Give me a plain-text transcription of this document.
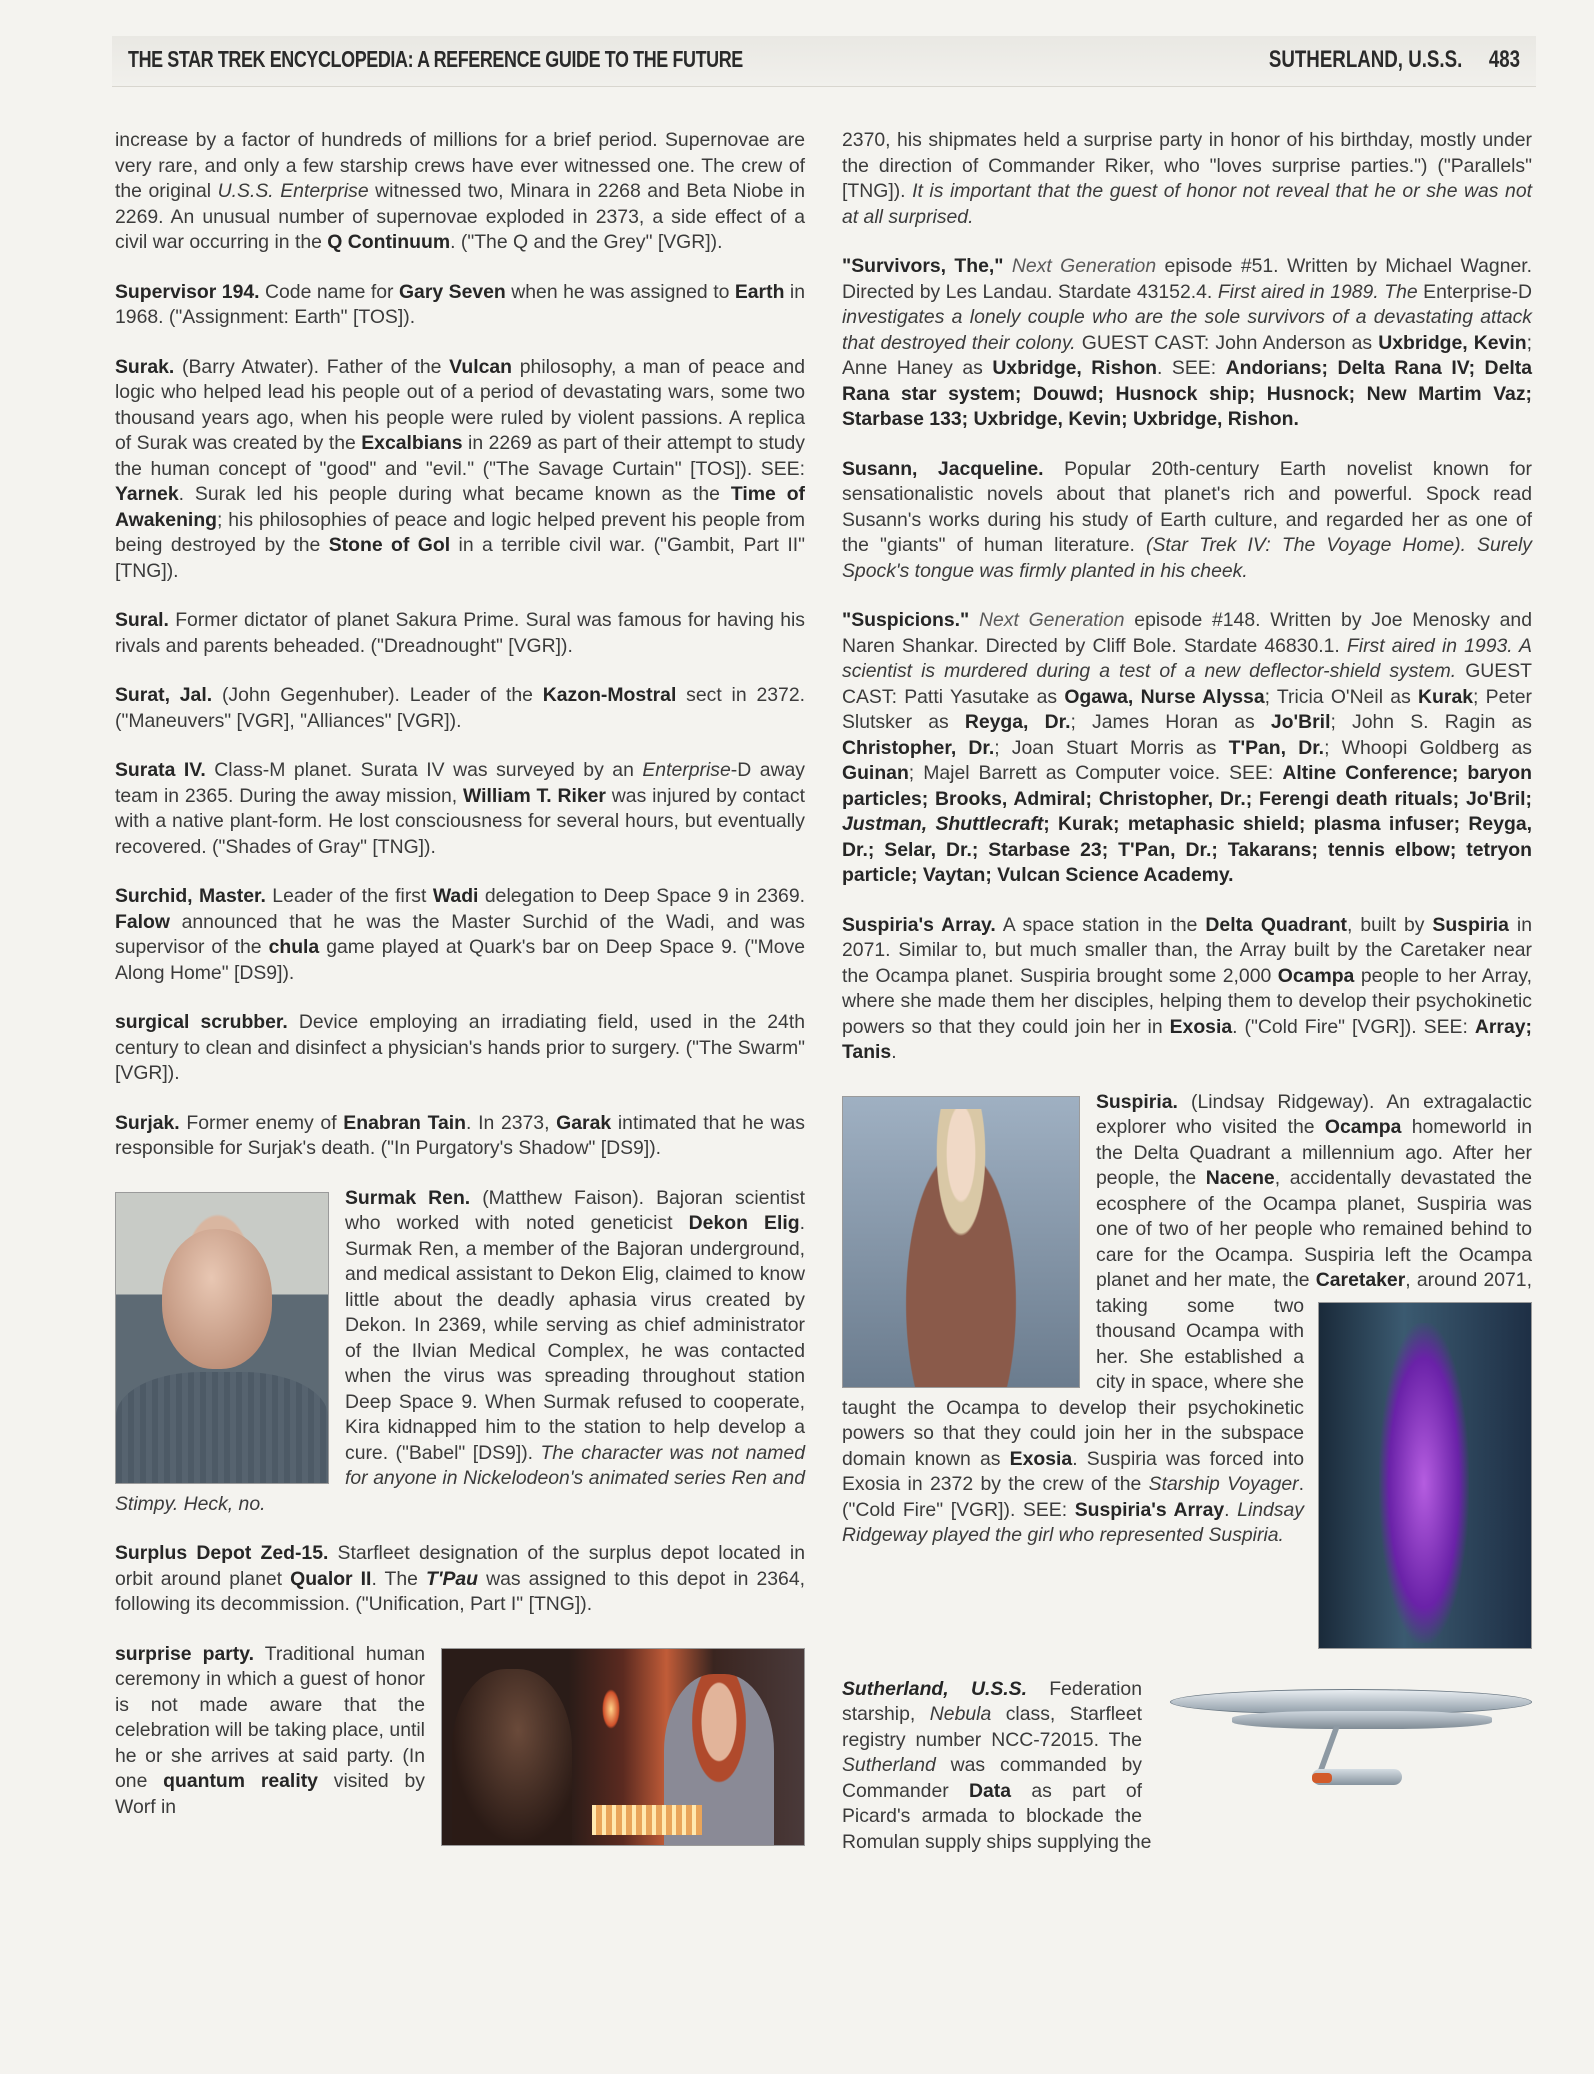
THE STAR TREK ENCYCLOPEDIA: A REFERENCE GUIDE TO THE FUTURE	SUTHERLAND, U.S.S. 483

increase by a factor of hundreds of millions for a brief period. Supernovae are very rare, and only a few starship crews have ever witnessed one. The crew of the original U.S.S. Enterprise witnessed two, Minara in 2268 and Beta Niobe in 2269. An unusual number of supernovae exploded in 2373, a side effect of a civil war occurring in the Q Continuum. ("The Q and the Grey" [VGR]).

Supervisor 194. Code name for Gary Seven when he was assigned to Earth in 1968. ("Assignment: Earth" [TOS]).

Surak. (Barry Atwater). Father of the Vulcan philosophy, a man of peace and logic who helped lead his people out of a period of devastating wars, some two thousand years ago, when his people were ruled by violent passions. A replica of Surak was created by the Excalbians in 2269 as part of their attempt to study the human concept of "good" and "evil." ("The Savage Curtain" [TOS]). SEE: Yarnek. Surak led his people during what became known as the Time of Awakening; his philosophies of peace and logic helped prevent his people from being destroyed by the Stone of Gol in a terrible civil war. ("Gambit, Part II" [TNG]).

Sural. Former dictator of planet Sakura Prime. Sural was famous for having his rivals and parents beheaded. ("Dreadnought" [VGR]).

Surat, Jal. (John Gegenhuber). Leader of the Kazon-Mostral sect in 2372. ("Maneuvers" [VGR], "Alliances" [VGR]).

Surata IV. Class-M planet. Surata IV was surveyed by an Enterprise-D away team in 2365. During the away mission, William T. Riker was injured by contact with a native plant-form. He lost consciousness for several hours, but eventually recovered. ("Shades of Gray" [TNG]).

Surchid, Master. Leader of the first Wadi delegation to Deep Space 9 in 2369. Falow announced that he was the Master Surchid of the Wadi, and was supervisor of the chula game played at Quark's bar on Deep Space 9. ("Move Along Home" [DS9]).

surgical scrubber. Device employing an irradiating field, used in the 24th century to clean and disinfect a physician's hands prior to surgery. ("The Swarm" [VGR]).

Surjak. Former enemy of Enabran Tain. In 2373, Garak intimated that he was responsible for Surjak's death. ("In Purgatory's Shadow" [DS9]).

Surmak Ren. (Matthew Faison). Bajoran scientist who worked with noted geneticist Dekon Elig. Surmak Ren, a member of the Bajoran underground, and medical assistant to Dekon Elig, claimed to know little about the deadly aphasia virus created by Dekon. In 2369, while serving as chief administrator of the Ilvian Medical Complex, he was contacted when the virus was spreading throughout station Deep Space 9. When Surmak refused to cooperate, Kira kidnapped him to the station to help develop a cure. ("Babel" [DS9]). The character was not named for anyone in Nickelodeon's animated series Ren and Stimpy. Heck, no.

Surplus Depot Zed-15. Starfleet designation of the surplus depot located in orbit around planet Qualor II. The T'Pau was assigned to this depot in 2364, following its decommission. ("Unification, Part I" [TNG]).

surprise party. Traditional human ceremony in which a guest of honor is not made aware that the celebration will be taking place, until he or she arrives at said party. (In one quantum reality visited by Worf in

2370, his shipmates held a surprise party in honor of his birthday, mostly under the direction of Commander Riker, who "loves surprise parties.") ("Parallels" [TNG]). It is important that the guest of honor not reveal that he or she was not at all surprised.

"Survivors, The," Next Generation episode #51. Written by Michael Wagner. Directed by Les Landau. Stardate 43152.4. First aired in 1989. The Enterprise-D investigates a lonely couple who are the sole survivors of a devastating attack that destroyed their colony. GUEST CAST: John Anderson as Uxbridge, Kevin; Anne Haney as Uxbridge, Rishon. SEE: Andorians; Delta Rana IV; Delta Rana star system; Douwd; Husnock ship; Husnock; New Martim Vaz; Starbase 133; Uxbridge, Kevin; Uxbridge, Rishon.

Susann, Jacqueline. Popular 20th-century Earth novelist known for sensationalistic novels about that planet's rich and powerful. Spock read Susann's works during his study of Earth culture, and regarded her as one of the "giants" of human literature. (Star Trek IV: The Voyage Home). Surely Spock's tongue was firmly planted in his cheek.

"Suspicions." Next Generation episode #148. Written by Joe Menosky and Naren Shankar. Directed by Cliff Bole. Stardate 46830.1. First aired in 1993. A scientist is murdered during a test of a new deflector-shield system. GUEST CAST: Patti Yasutake as Ogawa, Nurse Alyssa; Tricia O'Neil as Kurak; Peter Slutsker as Reyga, Dr.; James Horan as Jo'Bril; John S. Ragin as Christopher, Dr.; Joan Stuart Morris as T'Pan, Dr.; Whoopi Goldberg as Guinan; Majel Barrett as Computer voice. SEE: Altine Conference; baryon particles; Brooks, Admiral; Christopher, Dr.; Ferengi death rituals; Jo'Bril; Justman, Shuttlecraft; Kurak; metaphasic shield; plasma infuser; Reyga, Dr.; Selar, Dr.; Starbase 23; T'Pan, Dr.; Takarans; tennis elbow; tetryon particle; Vaytan; Vulcan Science Academy.

Suspiria's Array. A space station in the Delta Quadrant, built by Suspiria in 2071. Similar to, but much smaller than, the Array built by the Caretaker near the Ocampa planet. Suspiria brought some 2,000 Ocampa people to her Array, where she made them her disciples, helping them to develop their psychokinetic powers so that they could join her in Exosia. ("Cold Fire" [VGR]). SEE: Array; Tanis.

Suspiria. (Lindsay Ridgeway). An extragalactic explorer who visited the Ocampa homeworld in the Delta Quadrant a millennium ago. After her people, the Nacene, accidentally devastated the ecosphere of the Ocampa planet, Suspiria was one of two of her people who remained behind to care for the Ocampa. Suspiria left the Ocampa planet and her mate, the
Caretaker, around 2071, taking some two thousand Ocampa with her. She established a city in space, where she taught the Ocampa to develop their psychokinetic powers so that they could join her in the subspace domain known as Exosia. Suspiria was forced into Exosia in 2372 by the crew of the Starship Voyager. ("Cold Fire" [VGR]). SEE: Suspiria's Array. Lindsay Ridgeway played the girl who represented Suspiria.

Sutherland, U.S.S. Federation starship, Nebula class, Starfleet registry number NCC-72015. The Sutherland was commanded by Commander Data as part of Picard's armada to blockade the Romulan supply ships supplying the
